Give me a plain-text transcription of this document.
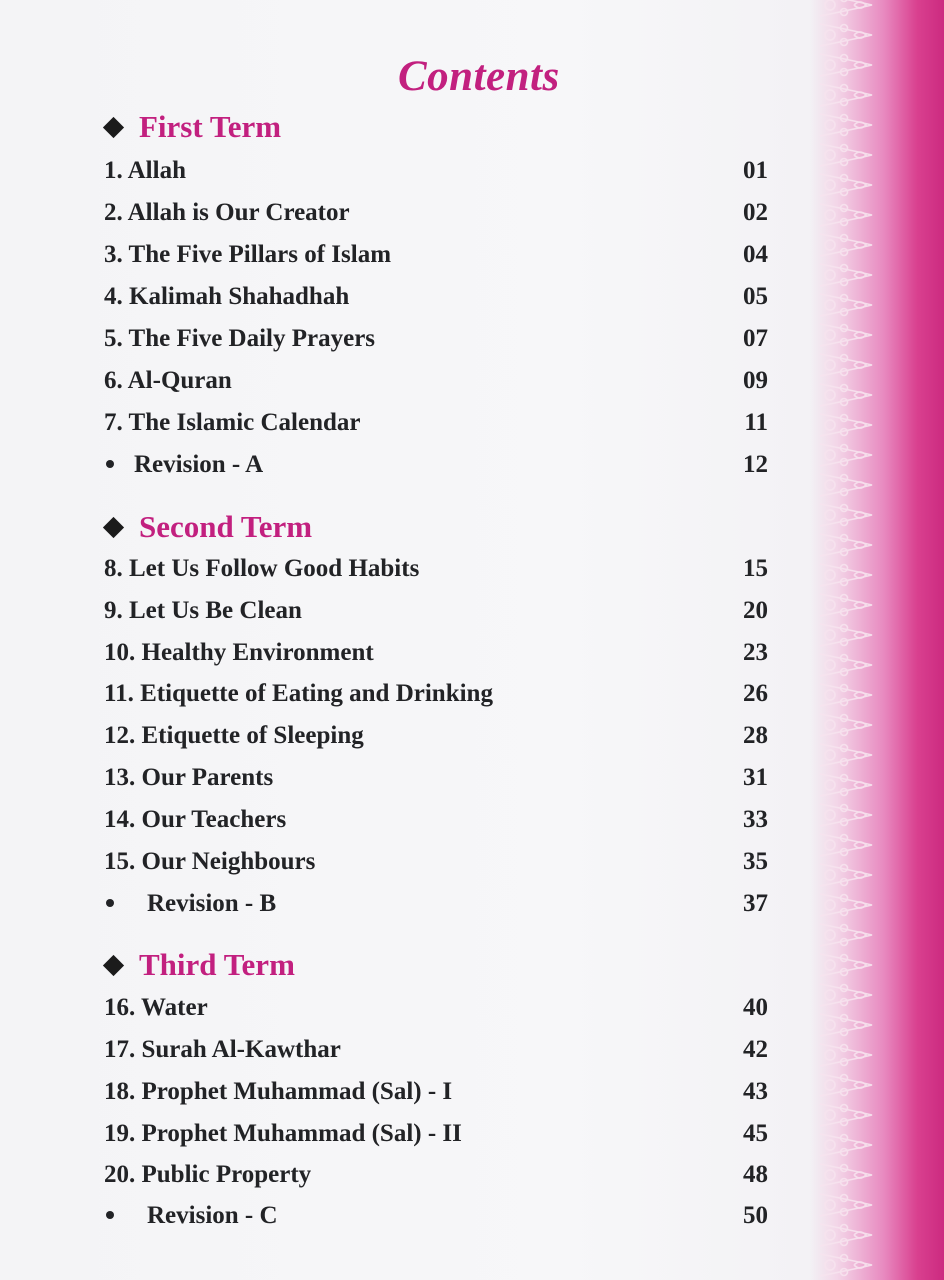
Contents
First Term
1. Allah	01
2. Allah is Our Creator	02
3. The Five Pillars of Islam	04
4. Kalimah Shahadhah	05
5. The Five Daily Prayers	07
6. Al-Quran	09
7. The Islamic Calendar	11
Revision - A	12
Second Term
8. Let Us Follow Good Habits	15
9. Let Us Be Clean	20
10. Healthy Environment	23
11. Etiquette of Eating and Drinking	26
12. Etiquette of Sleeping	28
13. Our Parents	31
14. Our Teachers	33
15. Our Neighbours	35
Revision - B	37
Third Term
16. Water	40
17. Surah Al-Kawthar	42
18. Prophet Muhammad (Sal) - I	43
19. Prophet Muhammad (Sal) - II	45
20. Public Property	48
Revision - C	50
